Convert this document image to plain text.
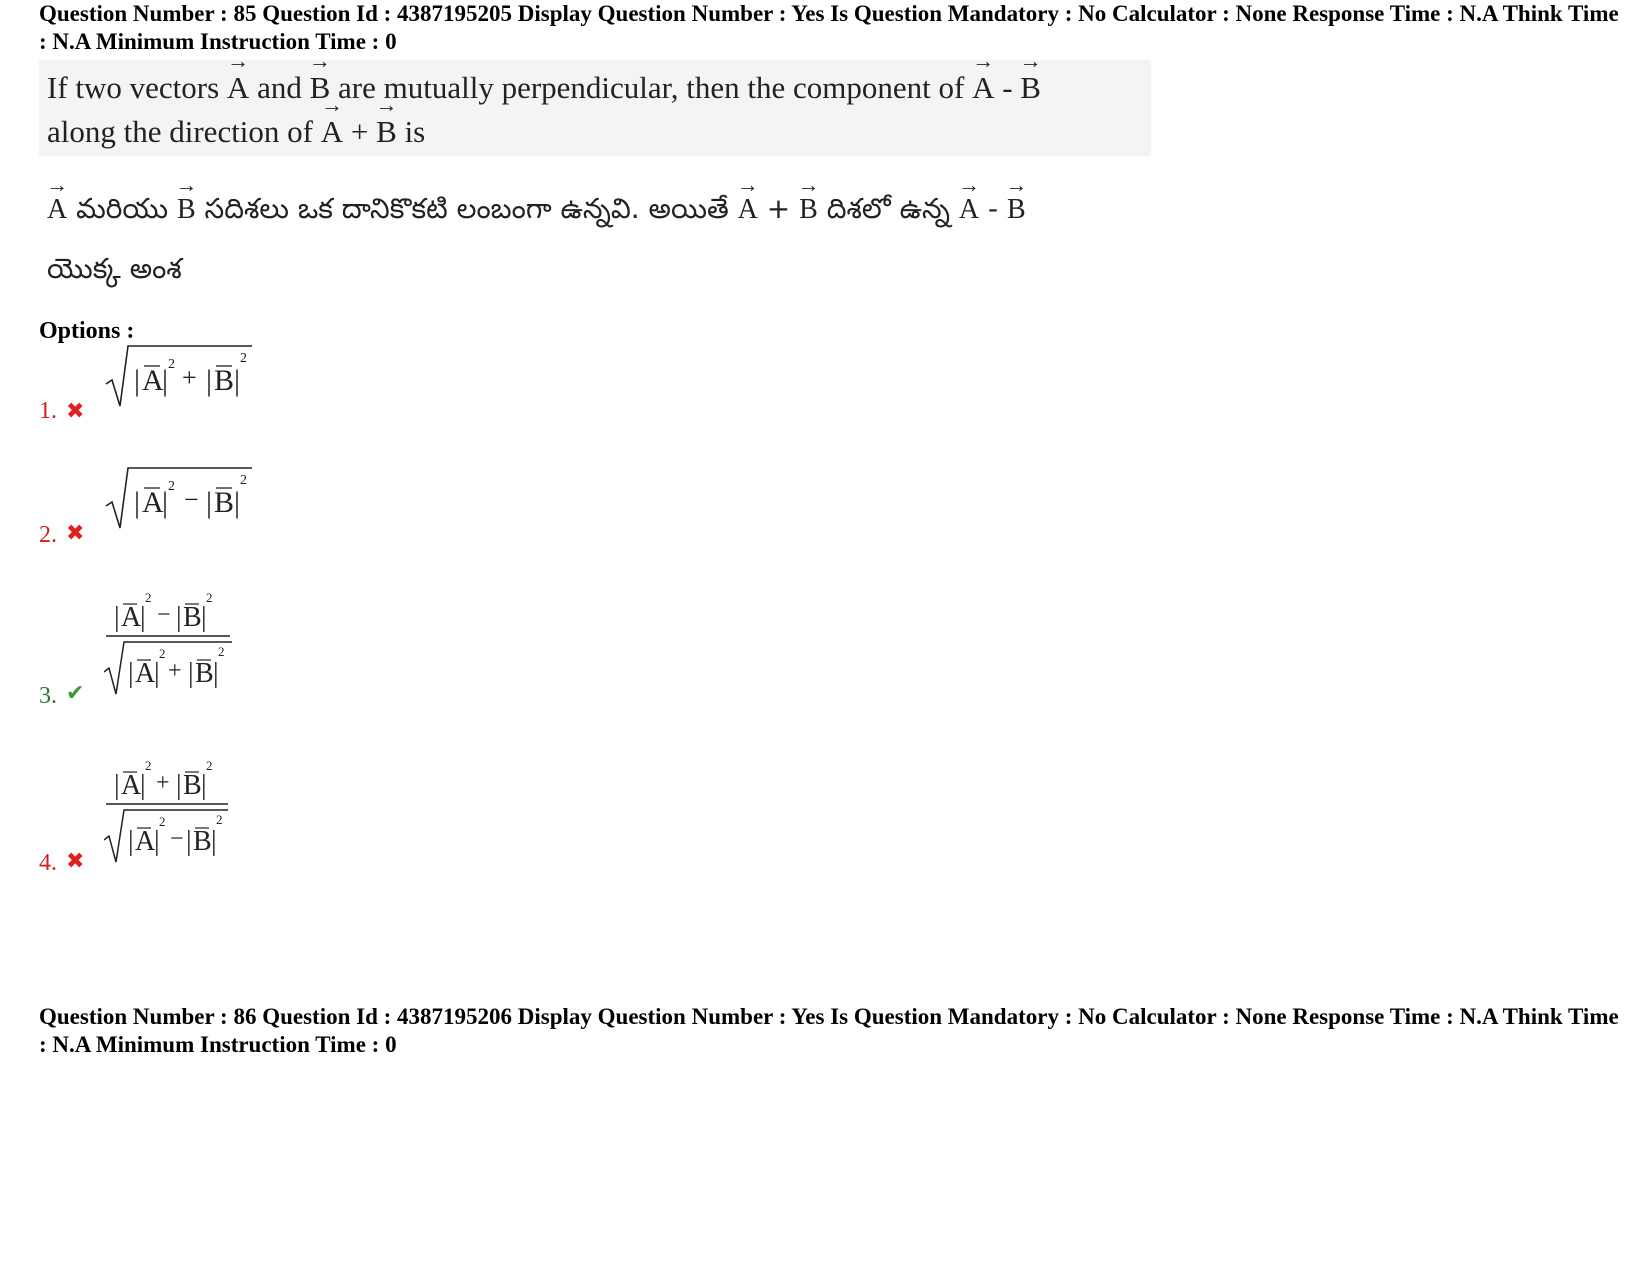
Question Number : 85 Question Id : 4387195205 Display Question Number : Yes Is Question Mandatory : No Calculator : None Response Time : N.A Think Time : N.A Minimum Instruction Time : 0

If two vectors → A and → B are mutually perpendicular, then the component of → A - → B
along the direction of → A + → B is
→ A మరియు → B సదిశలు ఒక దానికొకటి లంబంగా ఉన్నవి. అయితే → A + → B దిశలో ఉన్న → A - → B
యొక్క అంశ
Options :
1. ✖
| A
| 2 + | B |
2
2. ✖
| A
| 2 − | B |
2
3. ✔
| A
|
2
− | B |
2
| A
|
2
+ | B |
2
4. ✖
| A
|
2
+ | B |
2
| A
|
2
− | B |
2

Question Number : 86 Question Id : 4387195206 Display Question Number : Yes Is Question Mandatory : No Calculator : None Response Time : N.A Think Time : N.A Minimum Instruction Time : 0
